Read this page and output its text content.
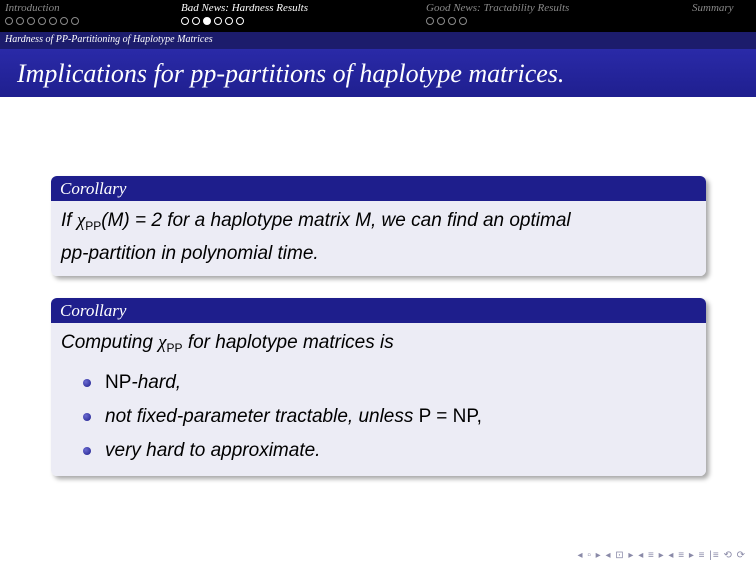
Introduction	Bad News: Hardness Results	Good News: Tractability Results	Summary
Hardness of PP-Partitioning of Haplotype Matrices
Implications for pp-partitions of haplotype matrices.
Corollary

If $\chi_{PP}(M) = 2$ for a haplotype matrix M, we can find an optimal

pp-partition in polynomial time.

Corollary

Computing $\chi_{PP}$ for haplotype matrices is

NP-hard,
not fixed-parameter tractable, unless P = NP,
very hard to approximate.
◂ ▫ ▸ ◂ ⊡ ▸ ◂ ≡ ▸ ◂ ≡ ▸ ≡ |≡ ⟲ ⟳
